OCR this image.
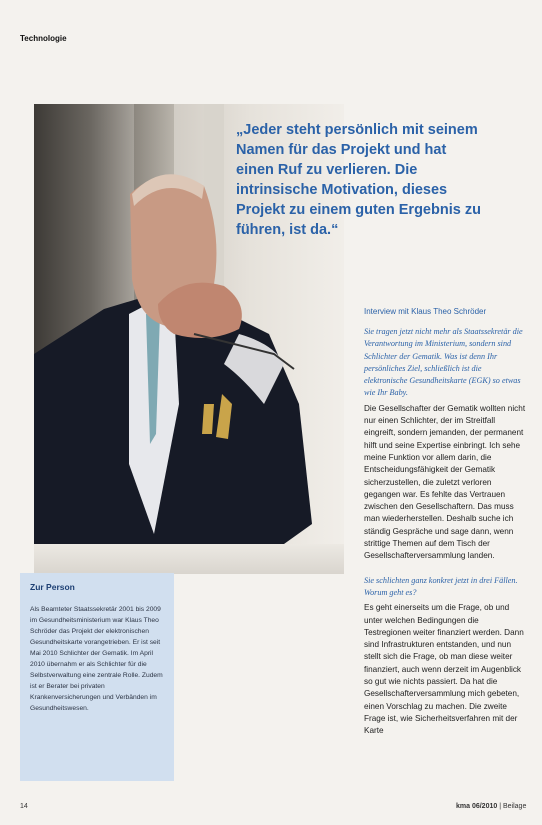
Technologie

„Jeder steht persönlich mit seinem Namen für das Projekt und hat einen Ruf zu verlieren. Die intrinsische Motivation, dieses Projekt zu einem guten Ergebnis zu führen, ist da.“

Interview mit Klaus Theo Schröder

Sie tragen jetzt nicht mehr als Staatssekretär die Verantwortung im Ministerium, sondern sind Schlichter der Gematik. Was ist denn Ihr persönliches Ziel, schließlich ist die elektronische Gesundheitskarte (EGK) so etwas wie Ihr Baby.

Die Gesellschafter der Gematik wollten nicht nur einen Schlichter, der im Streitfall eingreift, sondern jemanden, der permanent hilft und seine Expertise einbringt. Ich sehe meine Funktion vor allem darin, die Entscheidungsfähigkeit der Gematik sicherzustellen, die zuletzt verloren gegangen war. Es fehlte das Vertrauen zwischen den Gesellschaftern. Das muss man wiederherstellen. Deshalb suche ich ständig Gespräche und sage dann, wenn strittige Themen auf dem Tisch der Gesellschafterversammlung landen.

Sie schlichten ganz konkret jetzt in drei Fällen. Worum geht es?

Es geht einerseits um die Frage, ob und unter welchen Bedingungen die Testregionen weiter finanziert werden. Dann sind Infrastrukturen entstanden, und nun stellt sich die Frage, ob man diese weiter finanziert, auch wenn derzeit im Augenblick so gut wie nichts passiert. Da hat die Gesellschafterversammlung mich gebeten, einen Vorschlag zu machen. Die zweite Frage ist, wie Sicherheitsverfahren mit der Karte

Zur Person

Als Beamteter Staatssekretär 2001 bis 2009 im Gesundheitsministerium war Klaus Theo Schröder das Projekt der elektronischen Gesundheitskarte vorangetrieben. Er ist seit Mai 2010 Schlichter der Gematik. Im April 2010 übernahm er als Schlichter für die Selbstverwaltung eine zentrale Rolle. Zudem ist er Berater bei privaten Krankenversicherungen und Verbänden im Gesundheitswesen.

14	kma 06/2010 | Beilage
